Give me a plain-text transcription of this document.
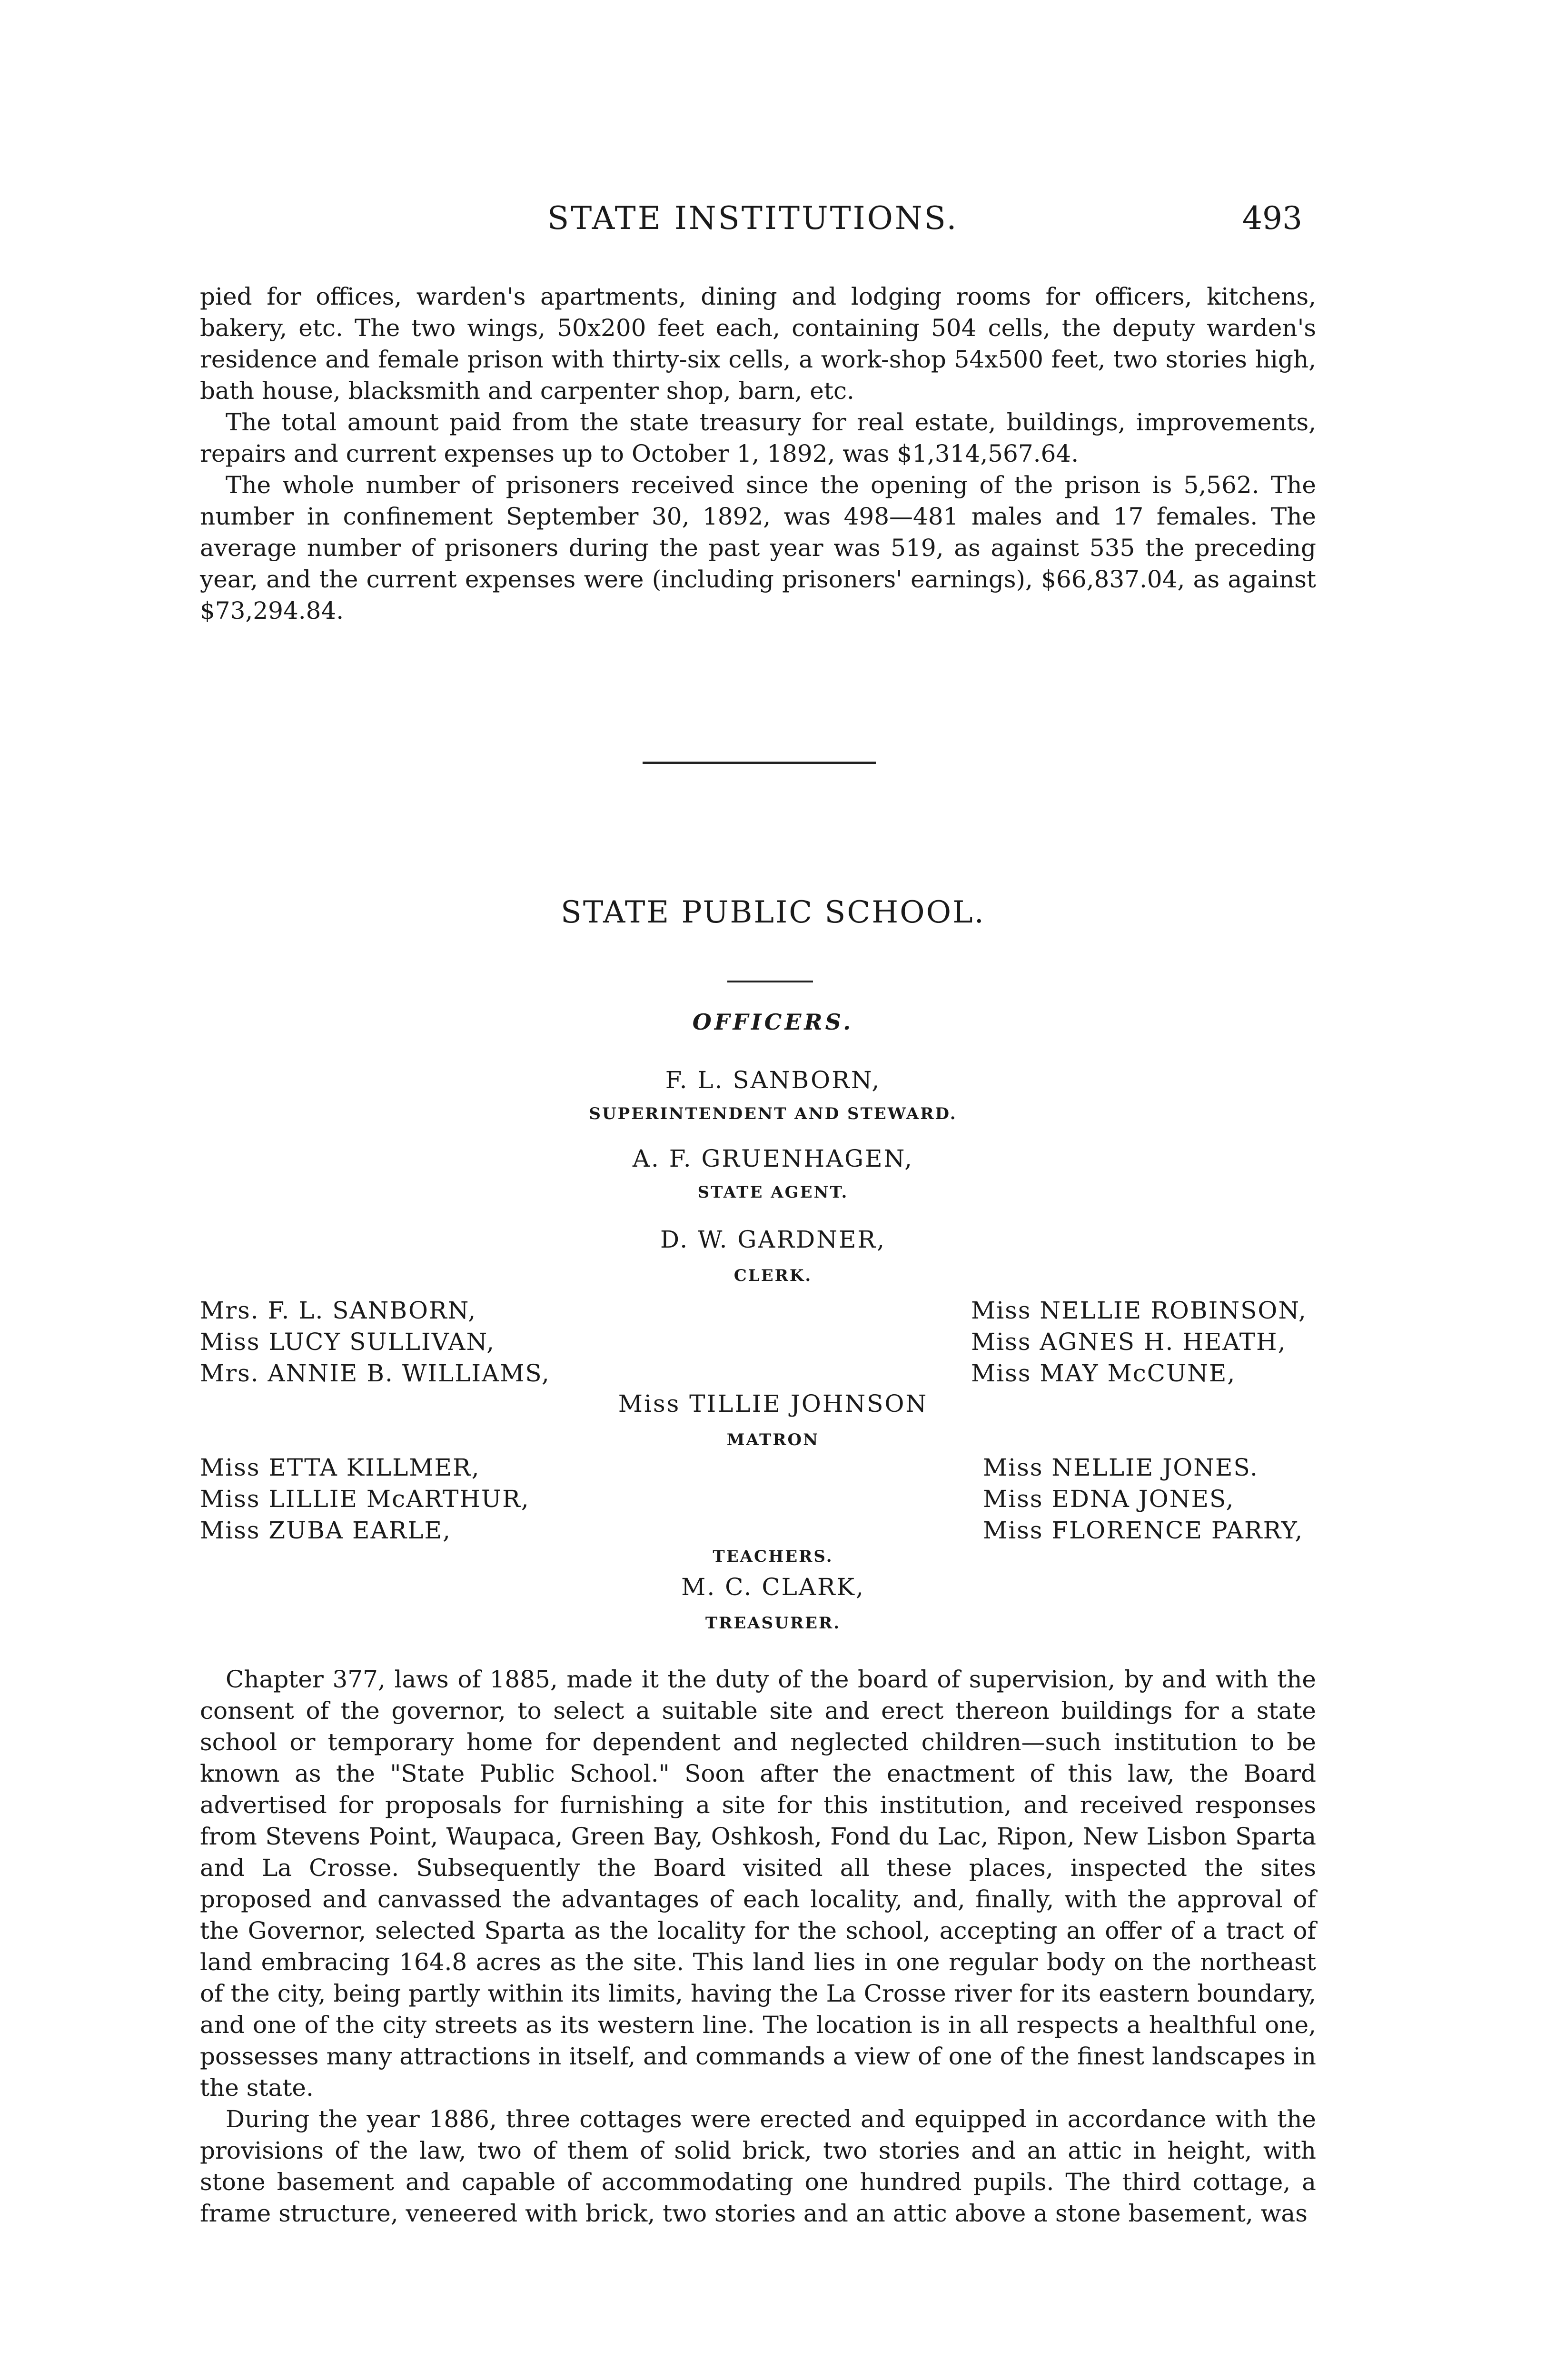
STATE INSTITUTIONS.	493

pied for offices, warden's apartments, dining and lodging rooms for officers, kitchens, bakery, etc. The two wings, 50x200 feet each, containing 504 cells, the deputy warden's residence and female prison with thirty-six cells, a work-shop 54x500 feet, two stories high, bath house, blacksmith and carpenter shop, barn, etc.

The total amount paid from the state treasury for real estate, buildings, improvements, repairs and current expenses up to October 1, 1892, was $1,314,567.64.

The whole number of prisoners received since the opening of the prison is 5,562. The number in confinement September 30, 1892, was 498—481 males and 17 females. The average number of prisoners during the past year was 519, as against 535 the preceding year, and the current expenses were (including prisoners' earnings), $66,837.04, as against $73,294.84.

STATE PUBLIC SCHOOL.
OFFICERS.
F. L. SANBORN,
SUPERINTENDENT AND STEWARD.
A. F. GRUENHAGEN,
STATE AGENT.
D. W. GARDNER,
CLERK.
Mrs. F. L. SANBORN,
Miss LUCY SULLIVAN,
Mrs. ANNIE B. WILLIAMS,
Miss NELLIE ROBINSON,
Miss AGNES H. HEATH,
Miss MAY McCUNE,
Miss TILLIE JOHNSON
MATRON
Miss ETTA KILLMER,
Miss LILLIE McARTHUR,
Miss ZUBA EARLE,
Miss NELLIE JONES.
Miss EDNA JONES,
Miss FLORENCE PARRY,
TEACHERS.
M. C. CLARK,
TREASURER.

Chapter 377, laws of 1885, made it the duty of the board of supervision, by and with the consent of the governor, to select a suitable site and erect thereon buildings for a state school or temporary home for dependent and neglected children—such institution to be known as the "State Public School." Soon after the enactment of this law, the Board advertised for proposals for furnishing a site for this institution, and received responses from Stevens Point, Waupaca, Green Bay, Oshkosh, Fond du Lac, Ripon, New Lisbon Sparta and La Crosse. Subsequently the Board visited all these places, inspected the sites proposed and canvassed the advantages of each locality, and, finally, with the approval of the Governor, selected Sparta as the locality for the school, accepting an offer of a tract of land embracing 164.8 acres as the site. This land lies in one regular body on the northeast of the city, being partly within its limits, having the La Crosse river for its eastern boundary, and one of the city streets as its western line. The location is in all respects a healthful one, possesses many attractions in itself, and commands a view of one of the finest landscapes in the state.

During the year 1886, three cottages were erected and equipped in accordance with the provisions of the law, two of them of solid brick, two stories and an attic in height, with stone basement and capable of accommodating one hundred pupils. The third cottage, a frame structure, veneered with brick, two stories and an attic above a stone basement, was
